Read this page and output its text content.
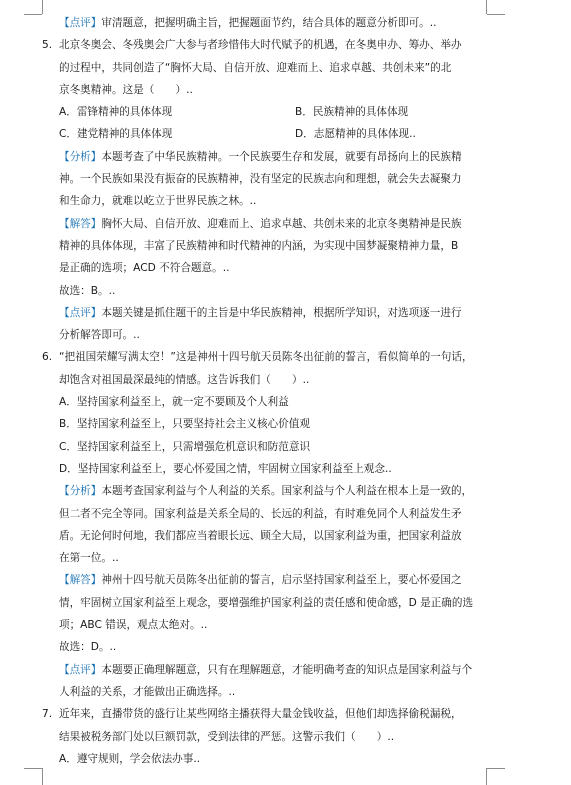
【点评】审清题意，把握明确主旨，把握题面节约，结合具体的题意分析即可。..
5. 北京冬奥会、冬残奥会广大参与者珍惜伟大时代赋予的机遇，在冬奥申办、筹办、举办
的过程中，共同创造了“胸怀大局、自信开放、迎难而上、追求卓越、共创未来”的北
京冬奥精神。这是（　　）..
A．雷锋精神的具体体现	B．民族精神的具体体现
C．建党精神的具体体现	D．志愿精神的具体体现..
【分析】本题考查了中华民族精神。一个民族要生存和发展，就要有昂扬向上的民族精
神。一个民族如果没有振奋的民族精神，没有坚定的民族志向和理想，就会失去凝聚力
和生命力，就难以屹立于世界民族之林。..
【解答】胸怀大局、自信开放、迎难而上、追求卓越、共创未来的北京冬奥精神是民族
精神的具体体现，丰富了民族精神和时代精神的内涵，为实现中国梦凝聚精神力量，B
是正确的选项；ACD 不符合题意。..
故选：B。..
【点评】本题关键是抓住题干的主旨是中华民族精神，根据所学知识，对选项逐一进行
分析解答即可。..
6. “把祖国荣耀写满太空！”这是神州十四号航天员陈冬出征前的誓言，看似简单的一句话，
却饱含对祖国最深最纯的情感。这告诉我们（　　）..
A．坚持国家利益至上，就一定不要顾及个人利益
B．坚持国家利益至上，只要坚持社会主义核心价值观
C．坚持国家利益至上，只需增强危机意识和防范意识
D．坚持国家利益至上，要心怀爱国之情，牢固树立国家利益至上观念..
【分析】本题考查国家利益与个人利益的关系。国家利益与个人利益在根本上是一致的，
但二者不完全等同。国家利益是关系全局的、长远的利益，有时难免同个人利益发生矛
盾。无论何时何地，我们都应当着眼长远、顾全大局，以国家利益为重，把国家利益放
在第一位。..
【解答】神州十四号航天员陈冬出征前的誓言，启示坚持国家利益至上，要心怀爱国之
情，牢固树立国家利益至上观念，要增强维护国家利益的责任感和使命感，D 是正确的选
项；ABC 错误，观点太绝对。..
故选：D。..
【点评】本题要正确理解题意，只有在理解题意，才能明确考查的知识点是国家利益与个
人利益的关系，才能做出正确选择。..
7. 近年来，直播带货的盛行让某些网络主播获得大量金钱收益，但他们却选择偷税漏税，
结果被税务部门处以巨额罚款，受到法律的严惩。这警示我们（　　）..
A．遵守规则，学会依法办事..
